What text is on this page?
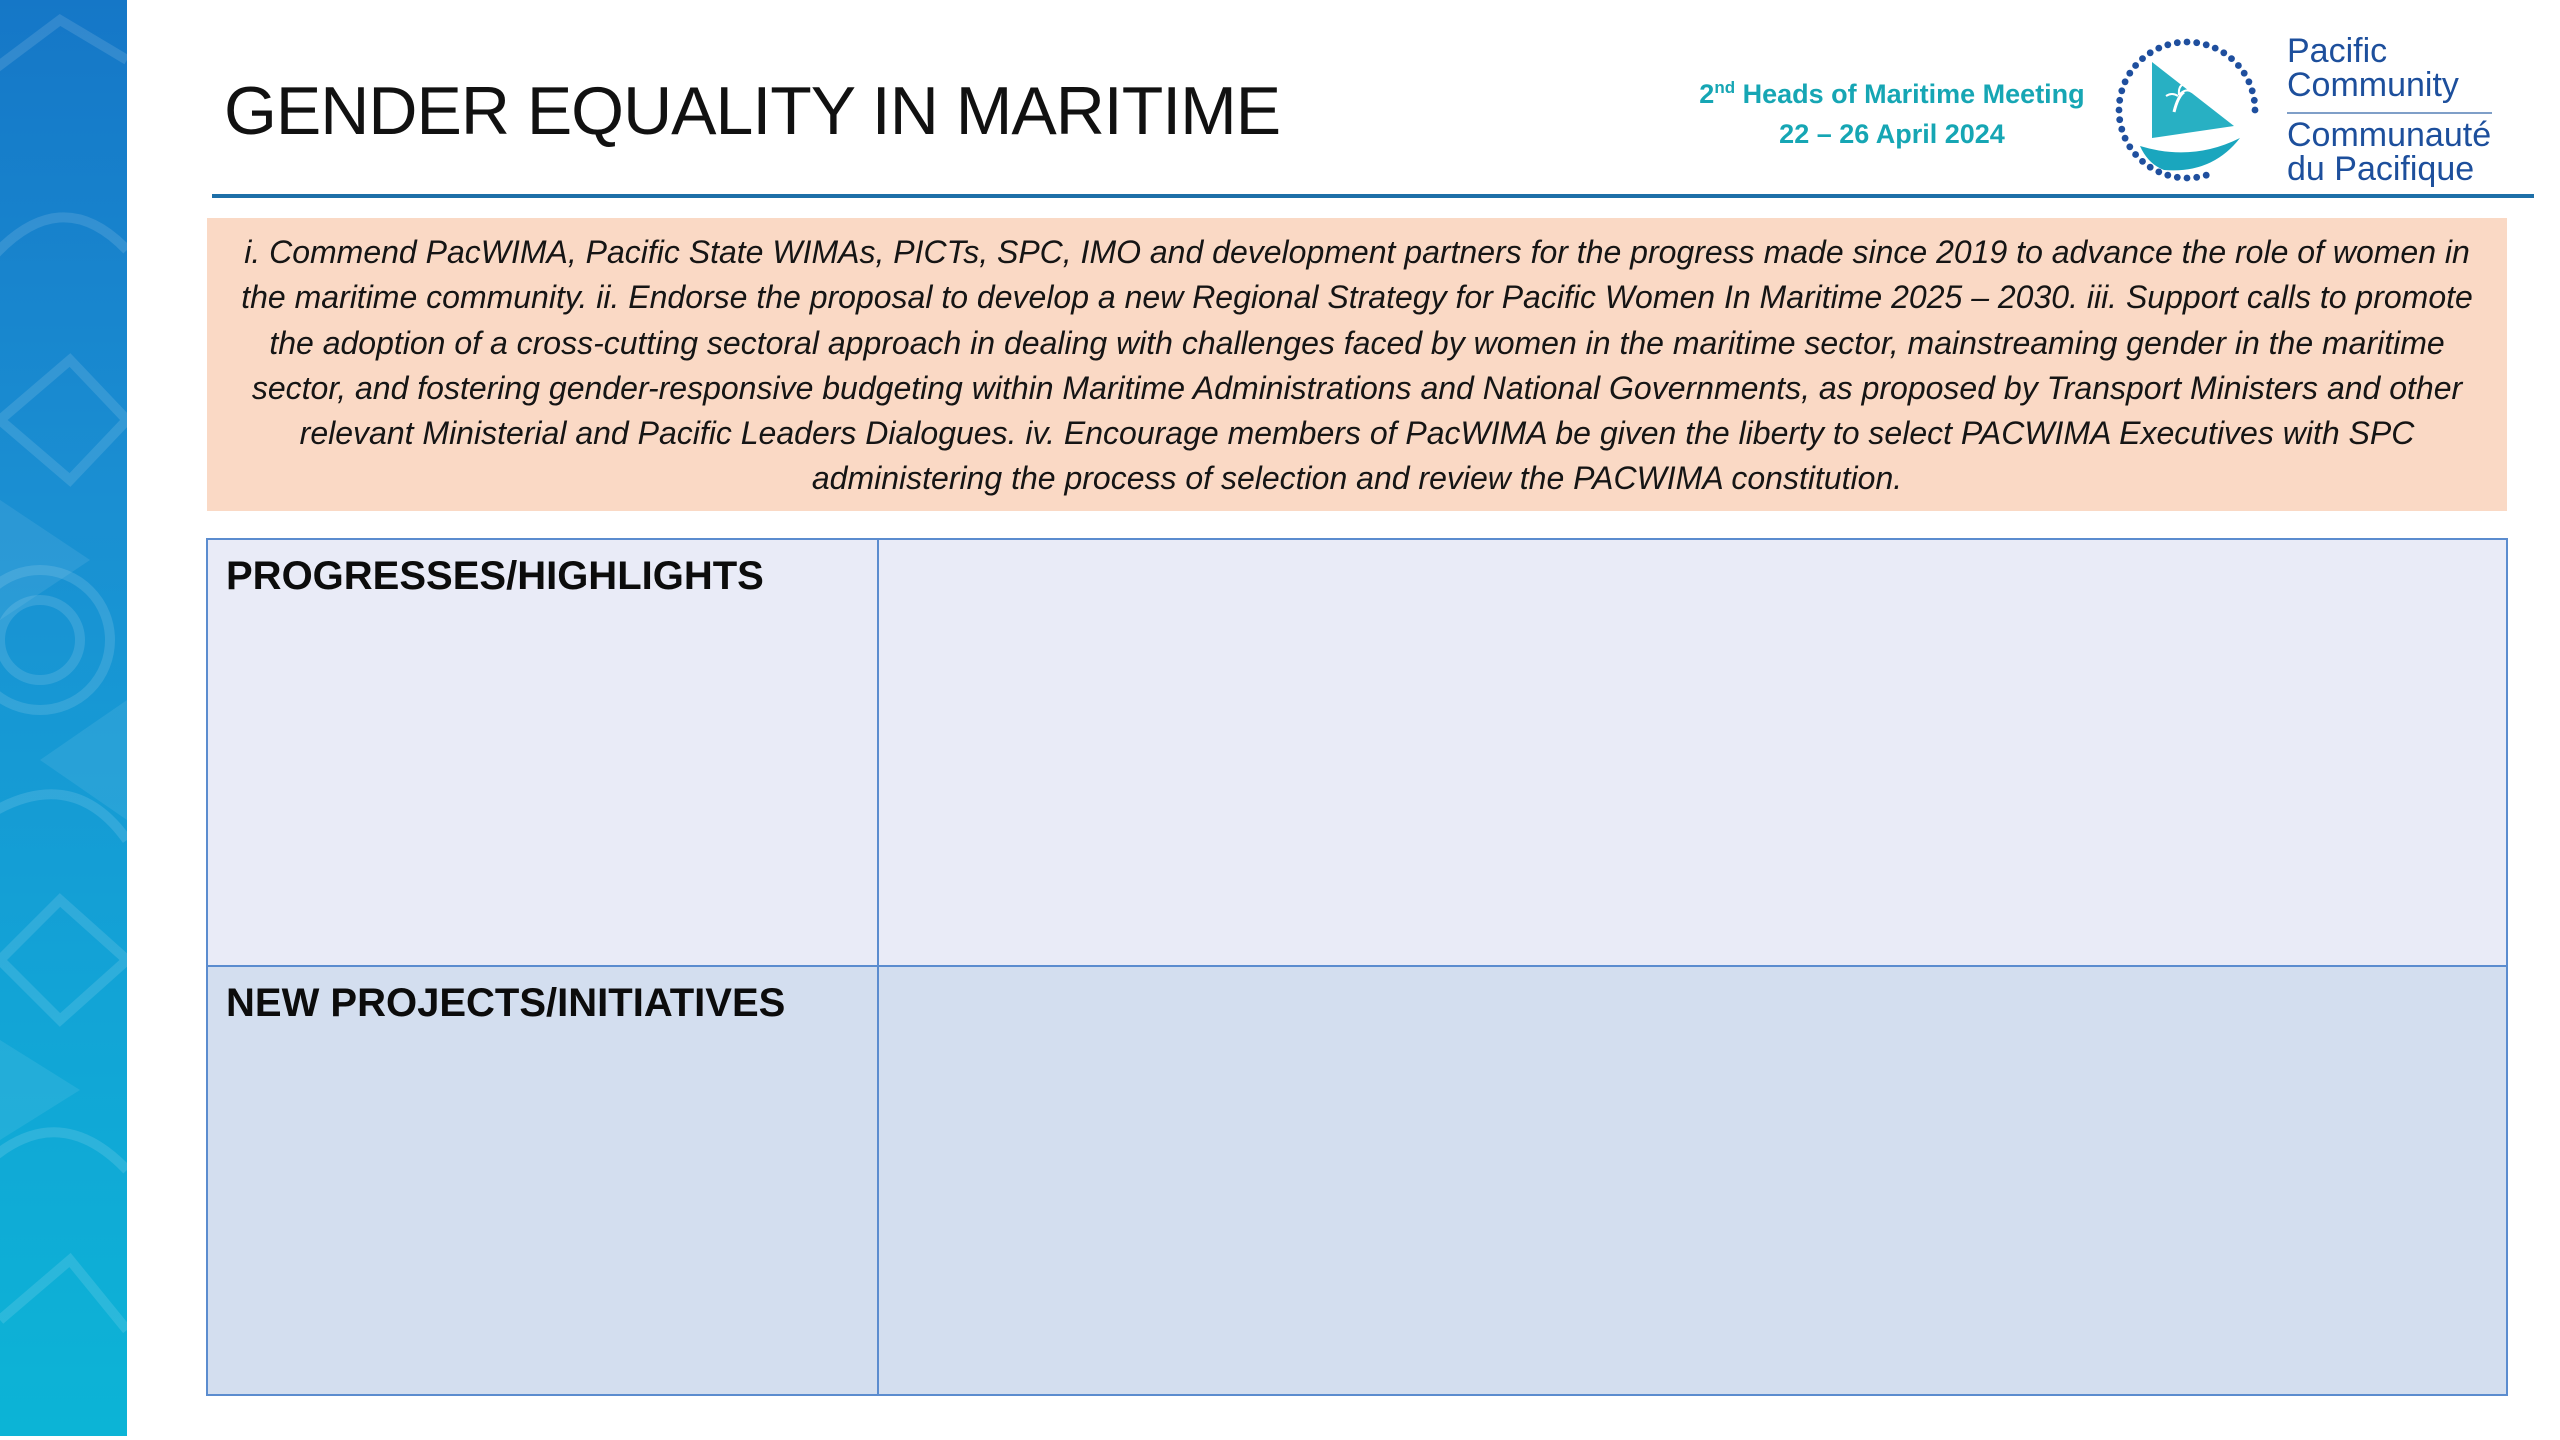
GENDER EQUALITY IN MARITIME	2nd Heads of Maritime Meeting
22 – 26 April 2024
Pacific
Community
Communauté
du Pacifique
i. Commend PacWIMA, Pacific State WIMAs, PICTs, SPC, IMO and development partners for the progress made since 2019 to advance the role of women in the maritime community. ii. Endorse the proposal to develop a new Regional Strategy for Pacific Women In Maritime 2025 – 2030. iii. Support calls to promote the adoption of a cross-cutting sectoral approach in dealing with challenges faced by women in the maritime sector, mainstreaming gender in the maritime sector, and fostering gender-responsive budgeting within Maritime Administrations and National Governments, as proposed by Transport Ministers and other relevant Ministerial and Pacific Leaders Dialogues. iv. Encourage members of PacWIMA be given the liberty to select PACWIMA Executives with SPC administering the process of selection and review the PACWIMA constitution.
PROGRESSES/HIGHLIGHTS
NEW PROJECTS/INITIATIVES
